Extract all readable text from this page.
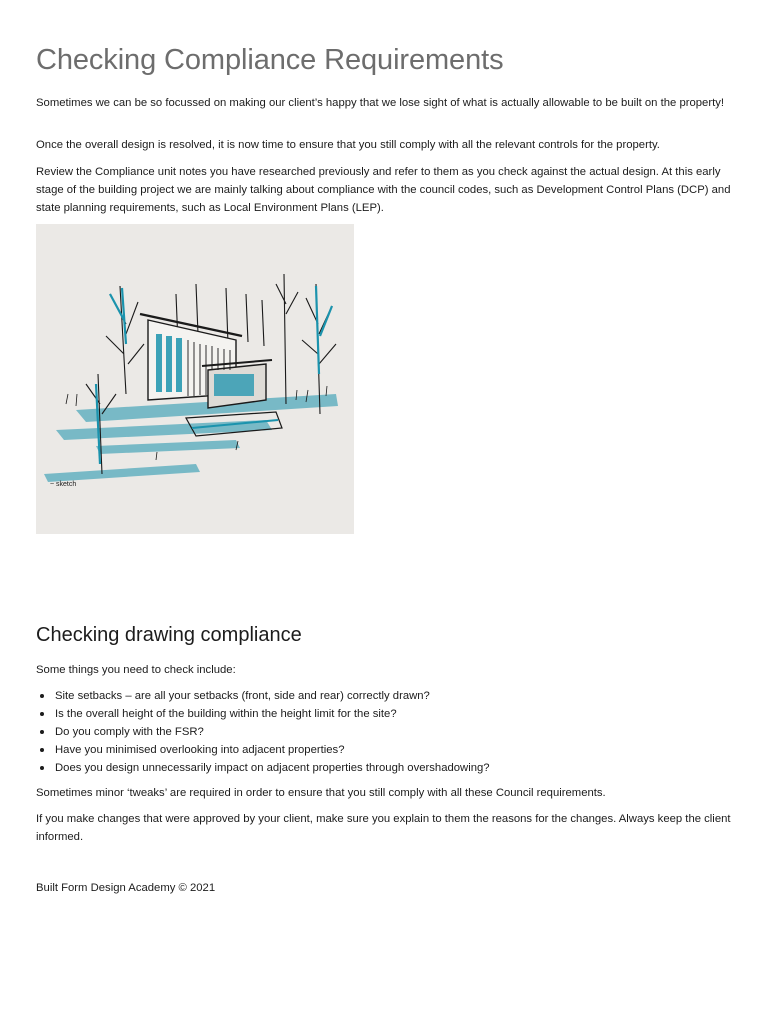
Checking Compliance Requirements

Sometimes we can be so focussed on making our client’s happy that we lose sight of what is actually allowable to be built on the property!

Once the overall design is resolved, it is now time to ensure that you still comply with all the relevant controls for the property.

Review the Compliance unit notes you have researched previously and refer to them as you check against the actual design. At this early stage of the building project we are mainly talking about compliance with the council codes, such as Development Control Plans (DCP) and state planning requirements, such as Local Environment Plans (LEP).

~ sketch
Checking drawing compliance

Some things you need to check include:

Site setbacks – are all your setbacks (front, side and rear) correctly drawn?
Is the overall height of the building within the height limit for the site?
Do you comply with the FSR?
Have you minimised overlooking into adjacent properties?
Does you design unnecessarily impact on adjacent properties through overshadowing?

Sometimes minor ‘tweaks’ are required in order to ensure that you still comply with all these Council requirements.

If you make changes that were approved by your client, make sure you explain to them the reasons for the changes. Always keep the client informed.

Built Form Design Academy © 2021
